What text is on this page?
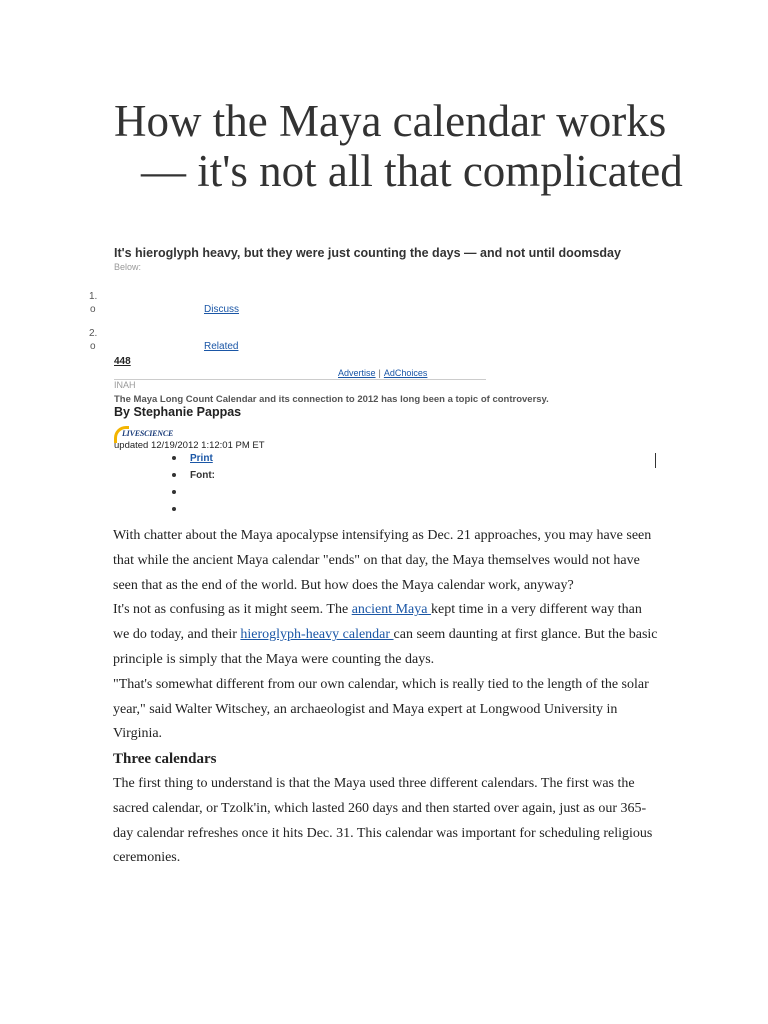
How the Maya calendar works — it's not all that complicated
It's hieroglyph heavy, but they were just counting the days — and not until doomsday
Below:
1.
o	Discuss
2.
o	Related
448
Advertise | AdChoices
INAH
The Maya Long Count Calendar and its connection to 2012 has long been a topic of controversy.
By Stephanie Pappas
LIVESCIENCE
updated 12/19/2012 1:12:01 PM ET
Print
Font:

With chatter about the Maya apocalypse intensifying as Dec. 21 approaches, you may have seen that while the ancient Maya calendar "ends" on that day, the Maya themselves would not have seen that as the end of the world. But how does the Maya calendar work, anyway?

It's not as confusing as it might seem. The ancient Maya kept time in a very different way than we do today, and their hieroglyph-heavy calendar can seem daunting at first glance. But the basic principle is simply that the Maya were counting the days.

"That's somewhat different from our own calendar, which is really tied to the length of the solar year," said Walter Witschey, an archaeologist and Maya expert at Longwood University in Virginia.

Three calendars

The first thing to understand is that the Maya used three different calendars. The first was the sacred calendar, or Tzolk'in, which lasted 260 days and then started over again, just as our 365-day calendar refreshes once it hits Dec. 31. This calendar was important for scheduling religious ceremonies.
